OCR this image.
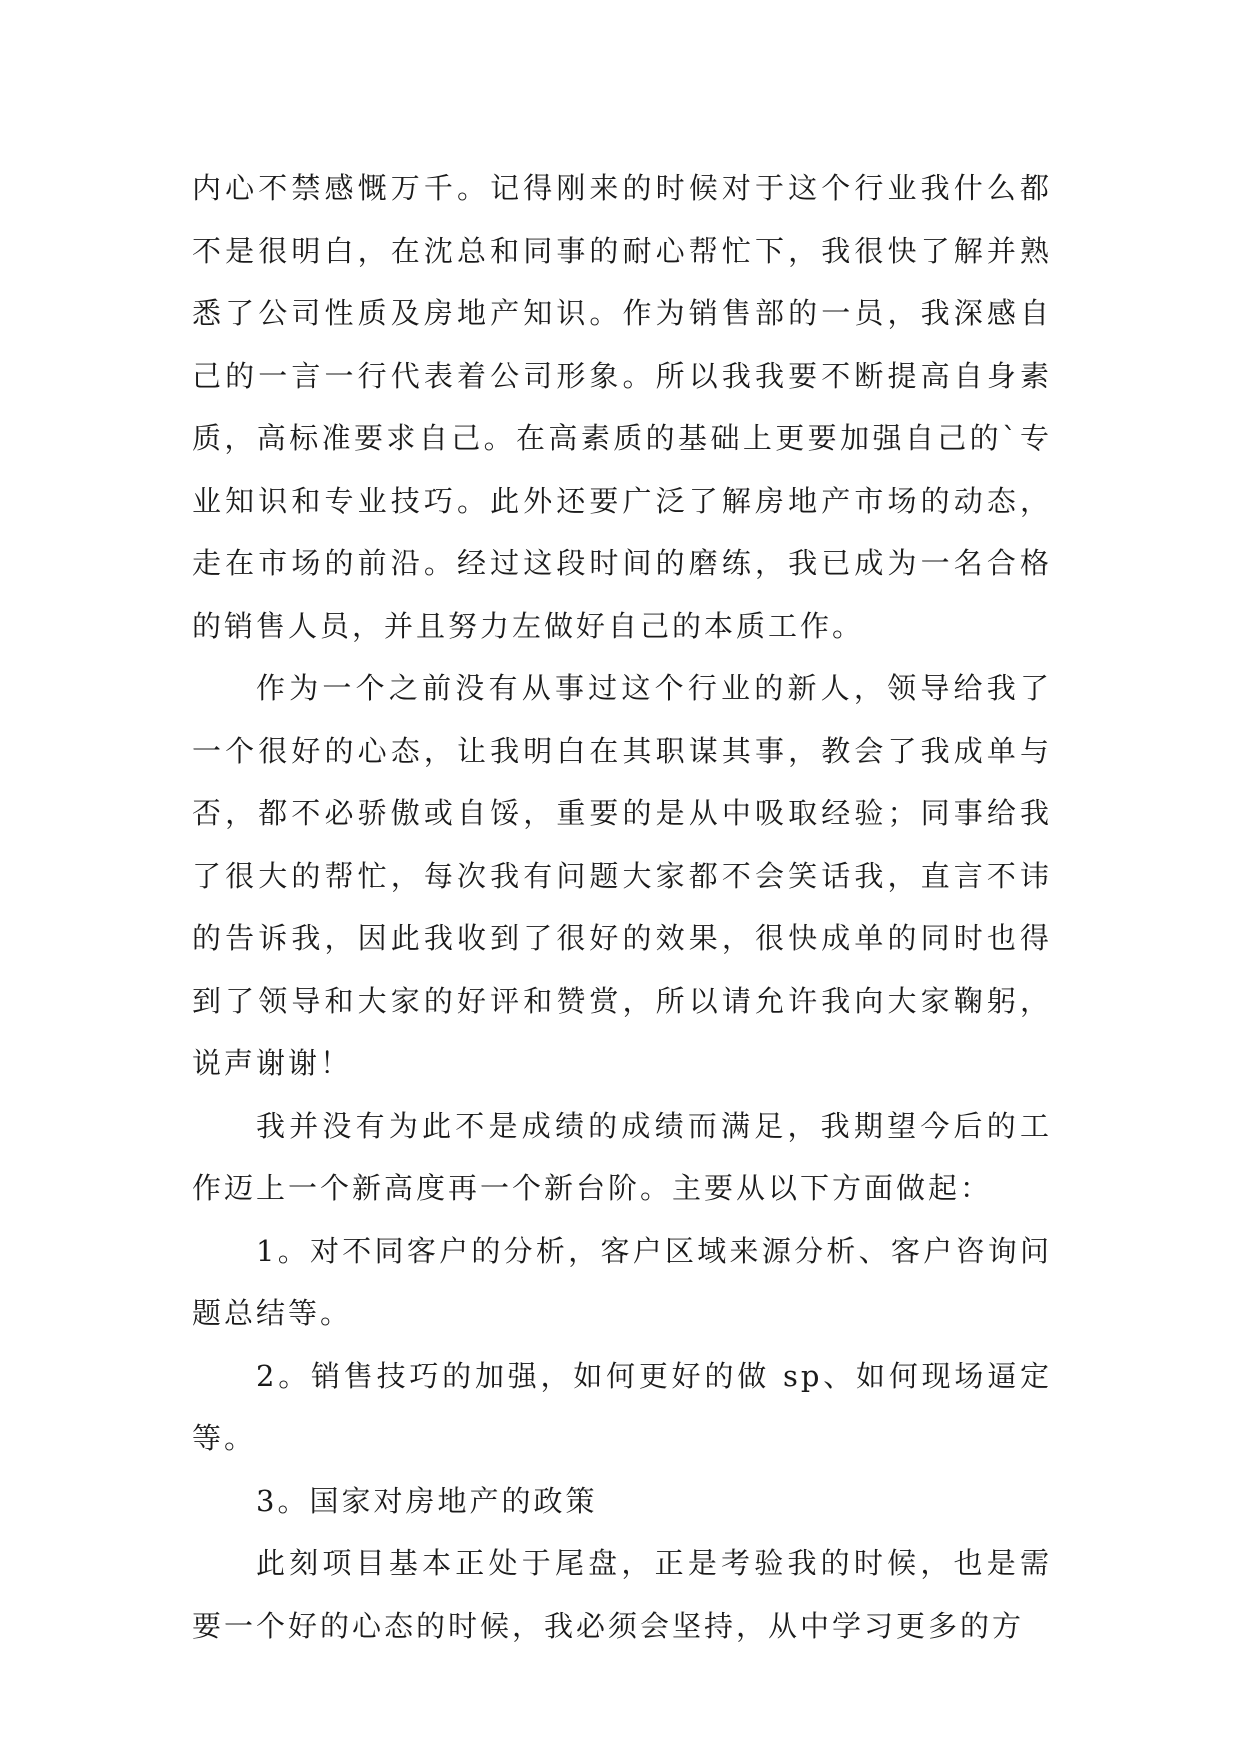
内心不禁感慨万千。记得刚来的时候对于这个行业我什么都不是很明白，在沈总和同事的耐心帮忙下，我很快了解并熟悉了公司性质及房地产知识。作为销售部的一员，我深感自己的一言一行代表着公司形象。所以我我要不断提高自身素质，高标准要求自己。在高素质的基础上更要加强自己的`专业知识和专业技巧。此外还要广泛了解房地产市场的动态，走在市场的前沿。经过这段时间的磨练，我已成为一名合格的销售人员，并且努力左做好自己的本质工作。

作为一个之前没有从事过这个行业的新人，领导给我了一个很好的心态，让我明白在其职谋其事，教会了我成单与否，都不必骄傲或自馁，重要的是从中吸取经验；同事给我了很大的帮忙，每次我有问题大家都不会笑话我，直言不讳的告诉我，因此我收到了很好的效果，很快成单的同时也得到了领导和大家的好评和赞赏，所以请允许我向大家鞠躬，说声谢谢！

我并没有为此不是成绩的成绩而满足，我期望今后的工作迈上一个新高度再一个新台阶。主要从以下方面做起：

1。对不同客户的分析，客户区域来源分析、客户咨询问题总结等。

2。销售技巧的加强，如何更好的做 sp、如何现场逼定等。

3。国家对房地产的政策

此刻项目基本正处于尾盘，正是考验我的时候，也是需要一个好的心态的时候，我必须会坚持，从中学习更多的方
